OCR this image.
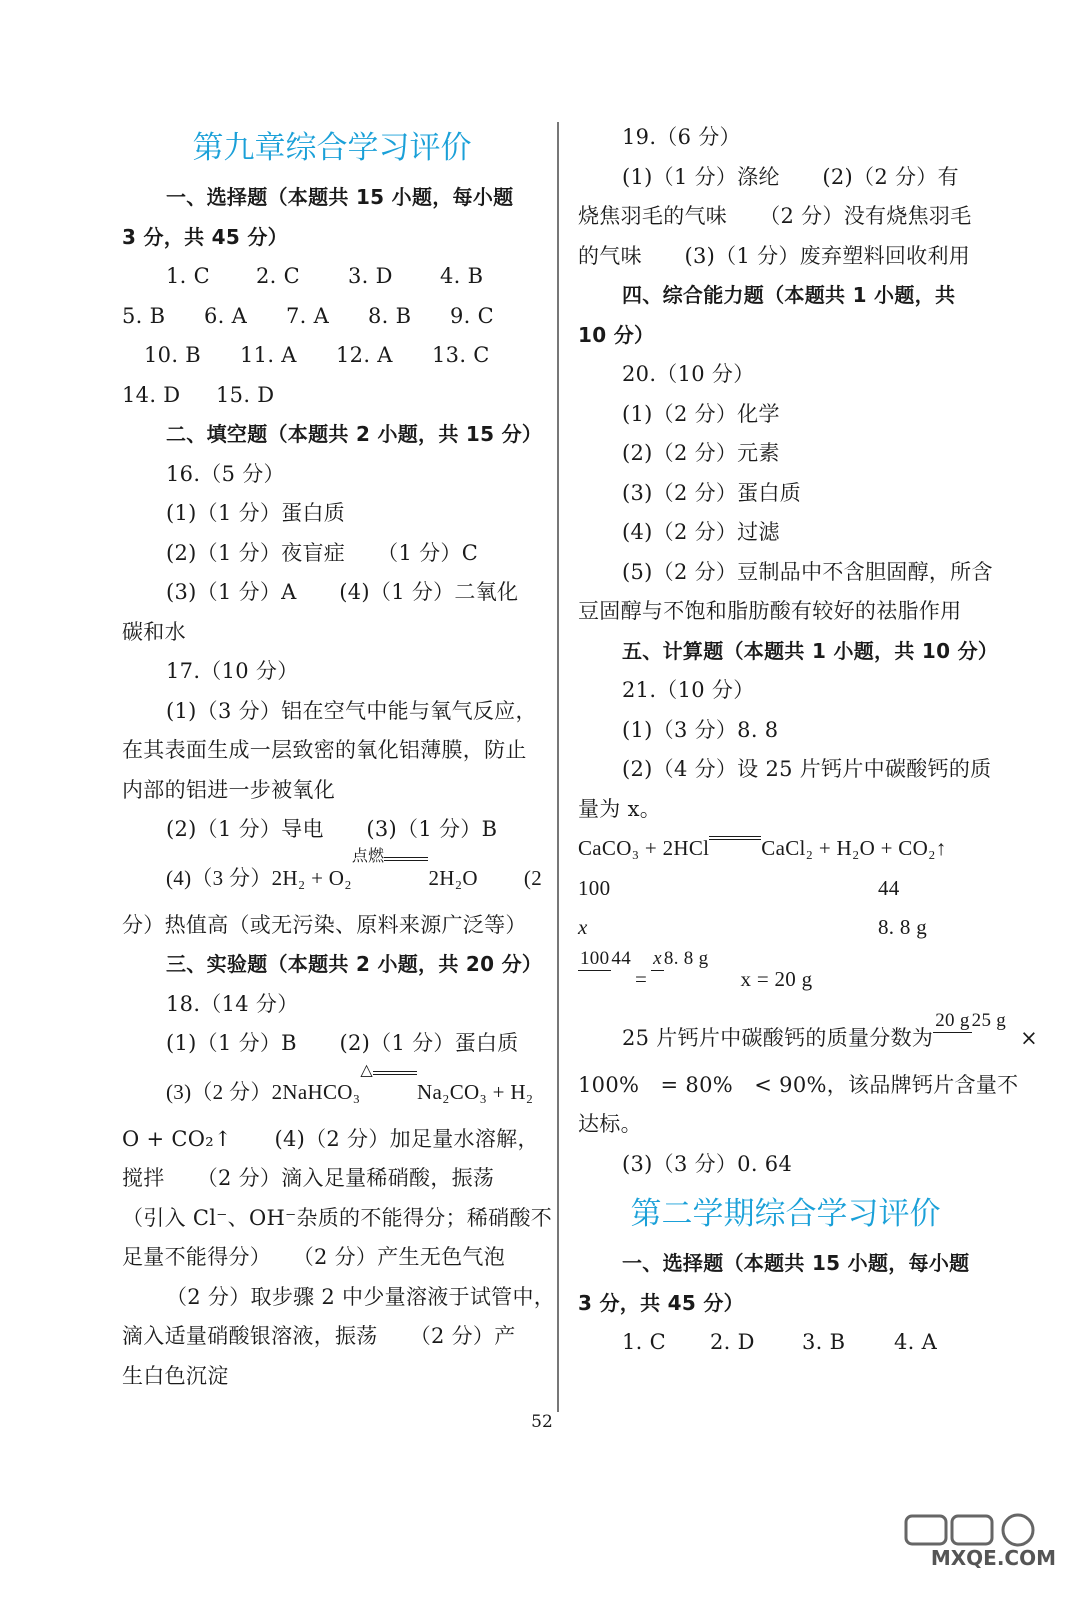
第九章综合学习评价
一、选择题（本题共 15 小题，每小题
3 分，共 45 分）
1. C	2. C	3. D	4. B
5. B	6. A	7. A	8. B	9. C
10. B	11. A	12. A	13. C
14. D	15. D
二、填空题（本题共 2 小题，共 15 分）
16.（5 分）
(1)（1 分）蛋白质
(2)（1 分）夜盲症　　（1 分）C
(3)（1 分）A　　(4)（1 分）二氧化
碳和水
17.（10 分）
(1)（3 分）铝在空气中能与氧气反应，
在其表面生成一层致密的氧化铝薄膜，防止
内部的铝进一步被氧化
(2)（1 分）导电　　(3)（1 分）B
(4)（3 分）2H₂ + O₂
点燃
2H₂O	(2
分）热值高（或无污染、原料来源广泛等）
三、实验题（本题共 2 小题，共 20 分）
18.（14 分）
(1)（1 分）B　　(2)（1 分）蛋白质
(3)（2 分）2NaHCO₃
△
Na₂CO₃ + H₂
O + CO₂↑　　(4)（2 分）加足量水溶解，
搅拌　　（2 分）滴入足量稀硝酸，振荡
（引入 Cl⁻、OH⁻杂质的不能得分；稀硝酸不
足量不能得分）　　（2 分）产生无色气泡
（2 分）取步骤 2 中少量溶液于试管中，
滴入适量硝酸银溶液，振荡　　（2 分）产
生白色沉淀
19.（6 分）
(1)（1 分）涤纶　　(2)（2 分）有
烧焦羽毛的气味　　（2 分）没有烧焦羽毛
的气味　　(3)（1 分）废弃塑料回收利用
四、综合能力题（本题共 1 小题，共
10 分）
20.（10 分）
(1)（2 分）化学
(2)（2 分）元素
(3)（2 分）蛋白质
(4)（2 分）过滤
(5)（2 分）豆制品中不含胆固醇，所含
豆固醇与不饱和脂肪酸有较好的祛脂作用
五、计算题（本题共 1 小题，共 10 分）
21.（10 分）
(1)（3 分）8. 8
(2)（4 分）设 25 片钙片中碳酸钙的质
量为 x。
CaCO₃ + 2HCl CaCl₂ + H₂O + CO₂↑
100	44
x	8. 8 g
100 44
=
x 8. 8 g
x = 20 g
25 片钙片中碳酸钙的质量分数为
20 g 25 g
×
100%　= 80%　< 90%，该品牌钙片含量不
达标。
(3)（3 分）0. 64
第二学期综合学习评价
一、选择题（本题共 15 小题，每小题
3 分，共 45 分）
1. C	2. D	3. B	4. A
52
MXQE.COM
